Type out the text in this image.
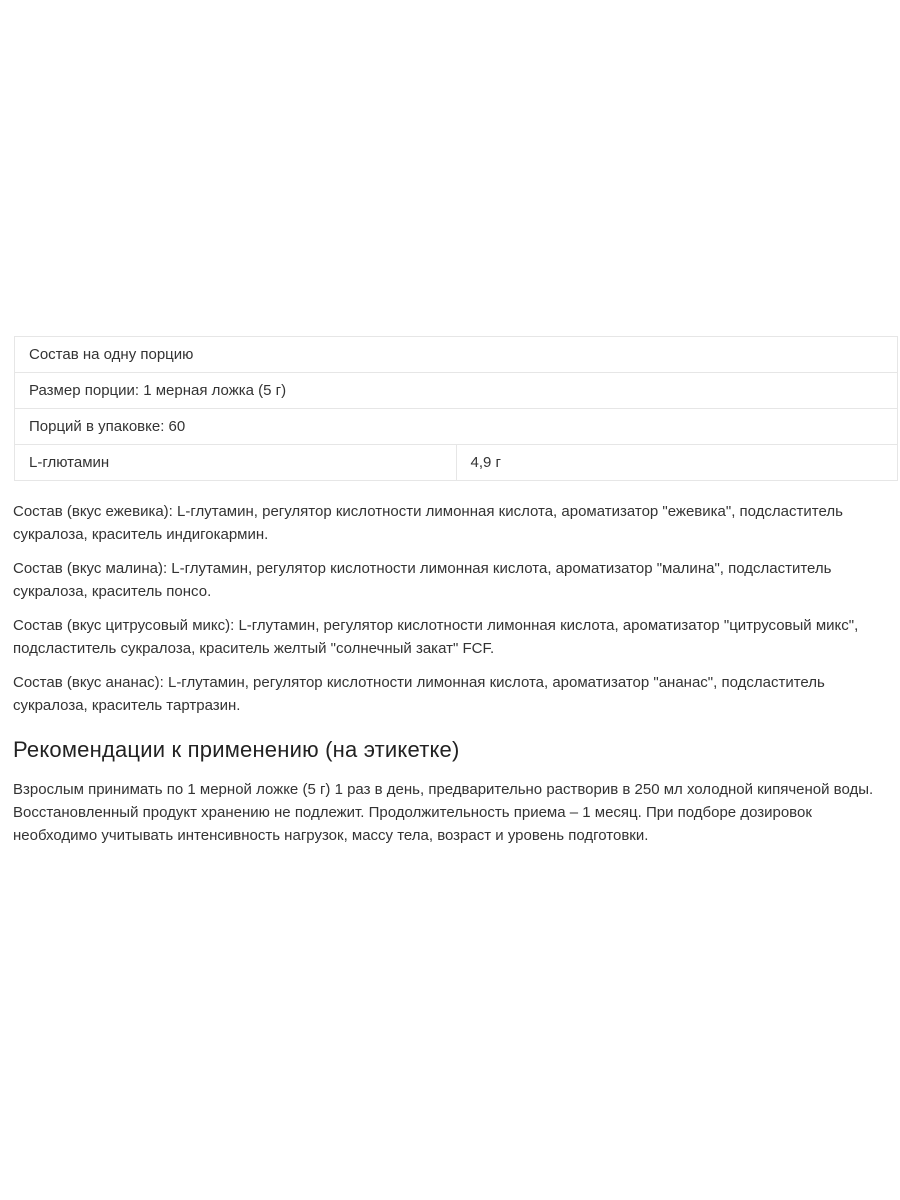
Состав на одну порцию
Размер порции: 1 мерная ложка (5 г)
Порций в упаковке: 60
L-глютамин	4,9 г

Состав (вкус ежевика): L-глутамин, регулятор кислотности лимонная кислота, ароматизатор "ежевика", подсластитель сукралоза, краситель индигокармин.

Состав (вкус малина): L-глутамин, регулятор кислотности лимонная кислота, ароматизатор "малина", подсластитель сукралоза, краситель понсо.

Состав (вкус цитрусовый микс): L-глутамин, регулятор кислотности лимонная кислота, ароматизатор "цитрусовый микс", подсластитель сукралоза, краситель желтый "солнечный закат" FCF.

Состав (вкус ананас): L-глутамин, регулятор кислотности лимонная кислота, ароматизатор "ананас", подсластитель сукралоза, краситель тартразин.

Рекомендации к применению (на этикетке)

Взрослым принимать по 1 мерной ложке (5 г) 1 раз в день, предварительно растворив в 250 мл холодной кипяченой воды. Восстановленный продукт хранению не подлежит. Продолжительность приема – 1 месяц. При подборе дозировок необходимо учитывать интенсивность нагрузок, массу тела, возраст и уровень подготовки.
